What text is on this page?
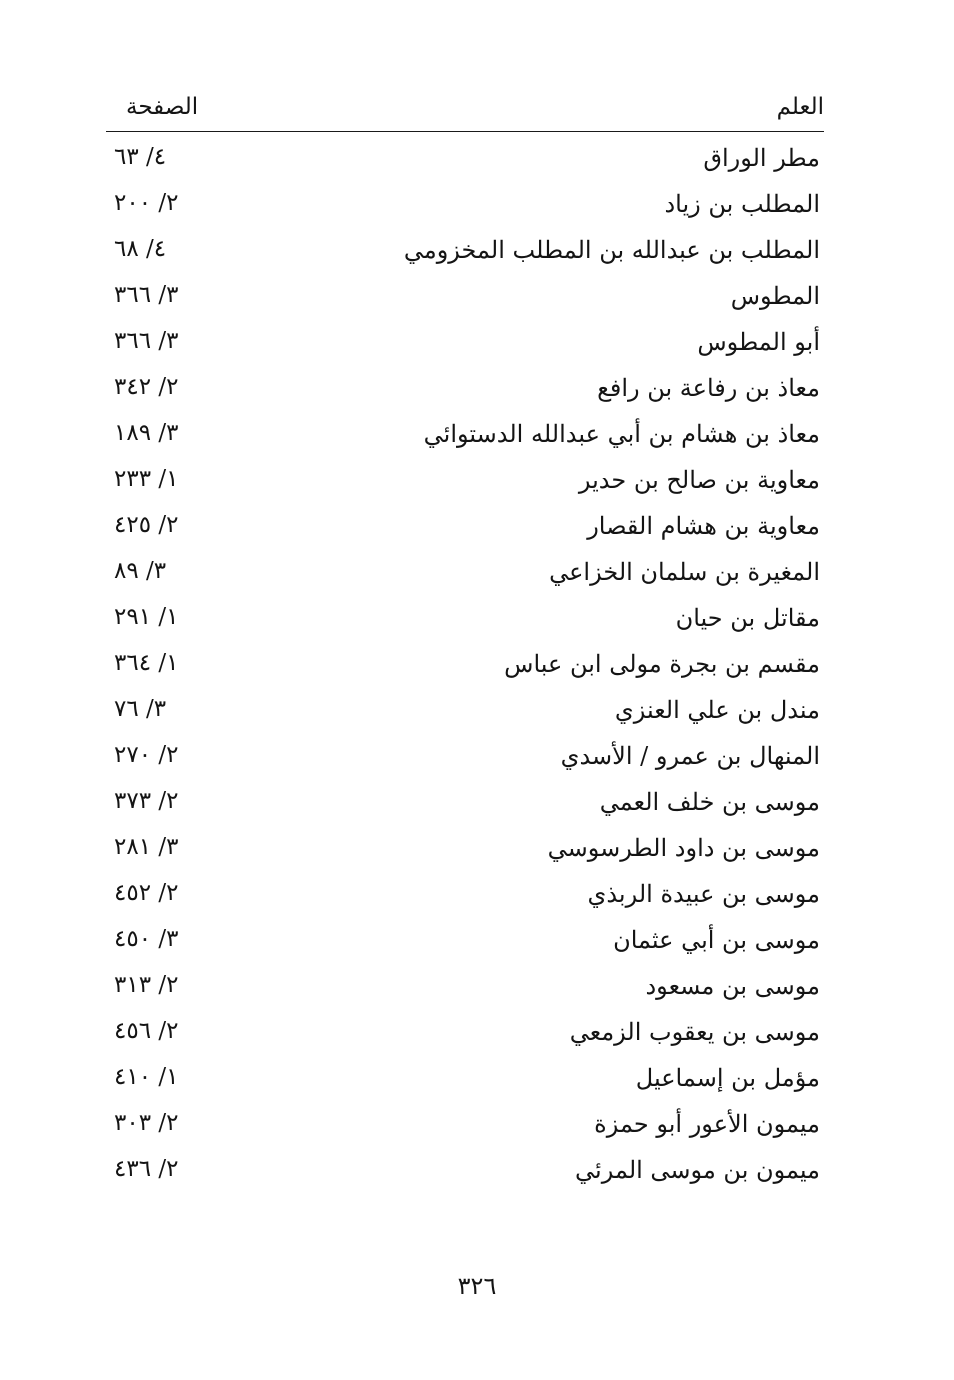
العلم
الصفحة
مطر الوراق
٤/ ٦٣
المطلب بن زياد
٢/ ٢٠٠
المطلب بن عبدالله بن المطلب المخزومي
٤/ ٦٨
المطوس
٣/ ٣٦٦
أبو المطوس
٣/ ٣٦٦
معاذ بن رفاعة بن رافع
٢/ ٣٤٢
معاذ بن هشام بن أبي عبدالله الدستوائي
٣/ ١٨٩
معاوية بن صالح بن حدير
١/ ٢٣٣
معاوية بن هشام القصار
٢/ ٤٢٥
المغيرة بن سلمان الخزاعي
٣/ ٨٩
مقاتل بن حيان
١/ ٢٩١
مقسم بن بجرة مولى ابن عباس
١/ ٣٦٤
مندل بن علي العنزي
٣/ ٧٦
المنهال بن عمرو / الأسدي
٢/ ٢٧٠
موسى بن خلف العمي
٢/ ٣٧٣
موسى بن داود الطرسوسي
٣/ ٢٨١
موسى بن عبيدة الربذي
٢/ ٤٥٢
موسى بن أبي عثمان
٣/ ٤٥٠
موسى بن مسعود
٢/ ٣١٣
موسى بن يعقوب الزمعي
٢/ ٤٥٦
مؤمل بن إسماعيل
١/ ٤١٠
ميمون الأعور أبو حمزة
٢/ ٣٠٣
ميمون بن موسى المرئي
٢/ ٤٣٦
٣٢٦
